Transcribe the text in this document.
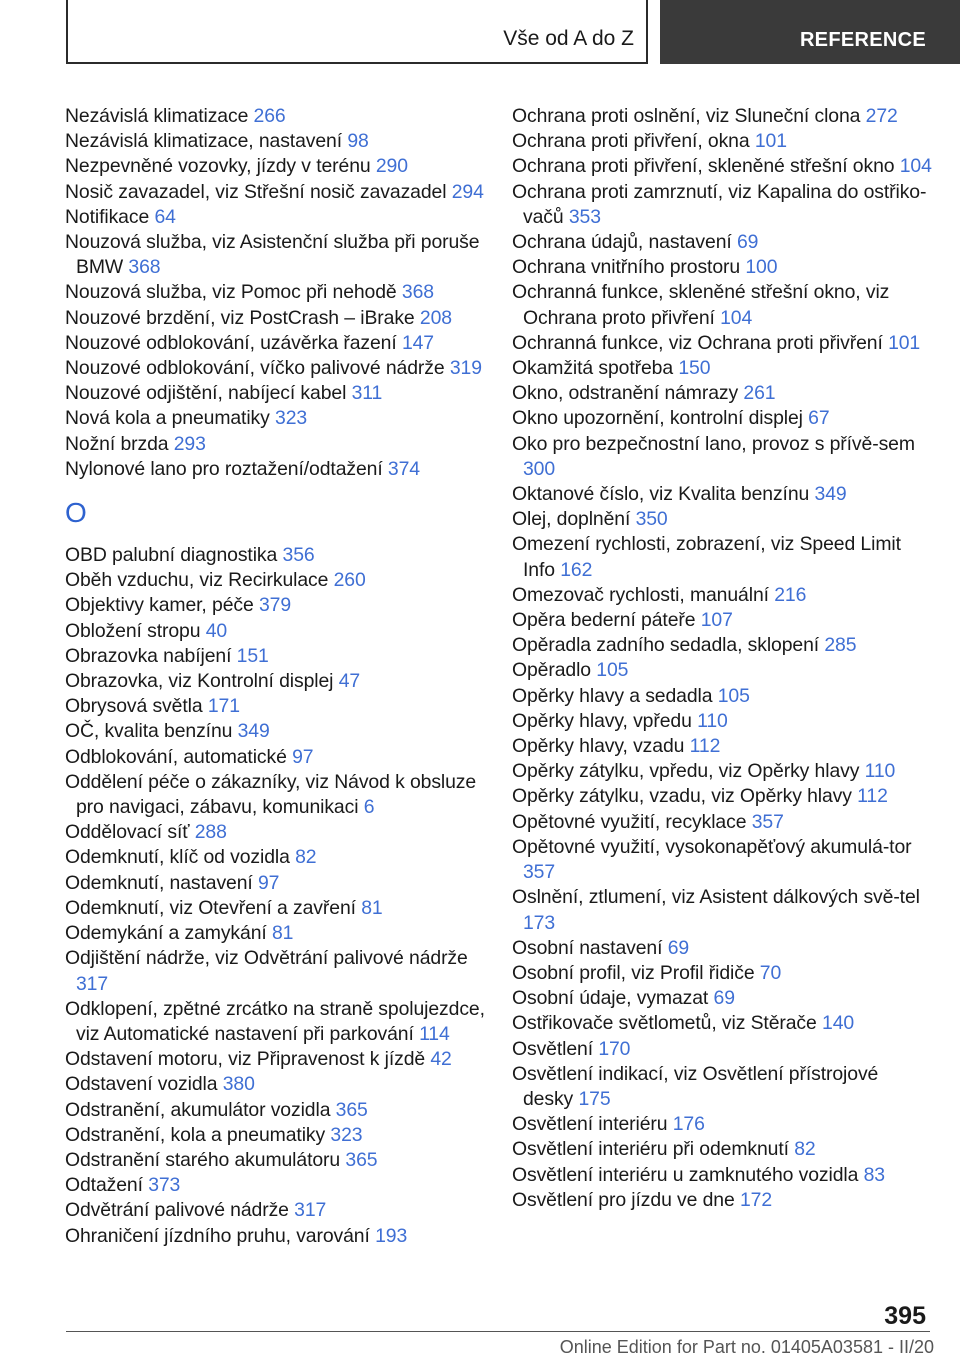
Vše od A do Z	REFERENCE

Nezávislá klimatizace 266

Nezávislá klimatizace, nastavení 98

Nezpevněné vozovky, jízdy v terénu 290

Nosič zavazadel, viz Střešní nosič zavazadel 294

Notifikace 64

Nouzová služba, viz Asistenční služba při poruše BMW 368

Nouzová služba, viz Pomoc při nehodě 368

Nouzové brzdění, viz PostCrash – iBrake 208

Nouzové odblokování, uzávěrka řazení 147

Nouzové odblokování, víčko palivové nádrže 319

Nouzové odjištění, nabíjecí kabel 311

Nová kola a pneumatiky 323

Nožní brzda 293

Nylonové lano pro roztažení/odtažení 374

O

OBD palubní diagnostika 356

Oběh vzduchu, viz Recirkulace 260

Objektivy kamer, péče 379

Obložení stropu 40

Obrazovka nabíjení 151

Obrazovka, viz Kontrolní displej 47

Obrysová světla 171

OČ, kvalita benzínu 349

Odblokování, automatické 97

Oddělení péče o zákazníky, viz Návod k obsluze pro navigaci, zábavu, komunikaci 6

Oddělovací síť 288

Odemknutí, klíč od vozidla 82

Odemknutí, nastavení 97

Odemknutí, viz Otevření a zavření 81

Odemykání a zamykání 81

Odjištění nádrže, viz Odvětrání palivové nádrže 317

Odklopení, zpětné zrcátko na straně spolujezdce, viz Automatické nastavení při parkování 114

Odstavení motoru, viz Připravenost k jízdě 42

Odstavení vozidla 380

Odstranění, akumulátor vozidla 365

Odstranění, kola a pneumatiky 323

Odstranění starého akumulátoru 365

Odtažení 373

Odvětrání palivové nádrže 317

Ohraničení jízdního pruhu, varování 193

Ochrana proti oslnění, viz Sluneční clona 272

Ochrana proti přivření, okna 101

Ochrana proti přivření, skleněné střešní okno 104

Ochrana proti zamrznutí, viz Kapalina do ostřiko‐vačů 353

Ochrana údajů, nastavení 69

Ochrana vnitřního prostoru 100

Ochranná funkce, skleněné střešní okno, viz Ochrana proto přivření 104

Ochranná funkce, viz Ochrana proti přivření 101

Okamžitá spotřeba 150

Okno, odstranění námrazy 261

Okno upozornění, kontrolní displej 67

Oko pro bezpečnostní lano, provoz s přívě‐sem 300

Oktanové číslo, viz Kvalita benzínu 349

Olej, doplnění 350

Omezení rychlosti, zobrazení, viz Speed Limit Info 162

Omezovač rychlosti, manuální 216

Opěra bederní páteře 107

Opěradla zadního sedadla, sklopení 285

Opěradlo 105

Opěrky hlavy a sedadla 105

Opěrky hlavy, vpředu 110

Opěrky hlavy, vzadu 112

Opěrky zátylku, vpředu, viz Opěrky hlavy 110

Opěrky zátylku, vzadu, viz Opěrky hlavy 112

Opětovné využití, recyklace 357

Opětovné využití, vysokonapěťový akumulá‐tor 357

Oslnění, ztlumení, viz Asistent dálkových svě‐tel 173

Osobní nastavení 69

Osobní profil, viz Profil řidiče 70

Osobní údaje, vymazat 69

Ostřikovače světlometů, viz Stěrače 140

Osvětlení 170

Osvětlení indikací, viz Osvětlení přístrojové desky 175

Osvětlení interiéru 176

Osvětlení interiéru při odemknutí 82

Osvětlení interiéru u zamknutého vozidla 83

Osvětlení pro jízdu ve dne 172

395
Online Edition for Part no. 01405A03581 - II/20
